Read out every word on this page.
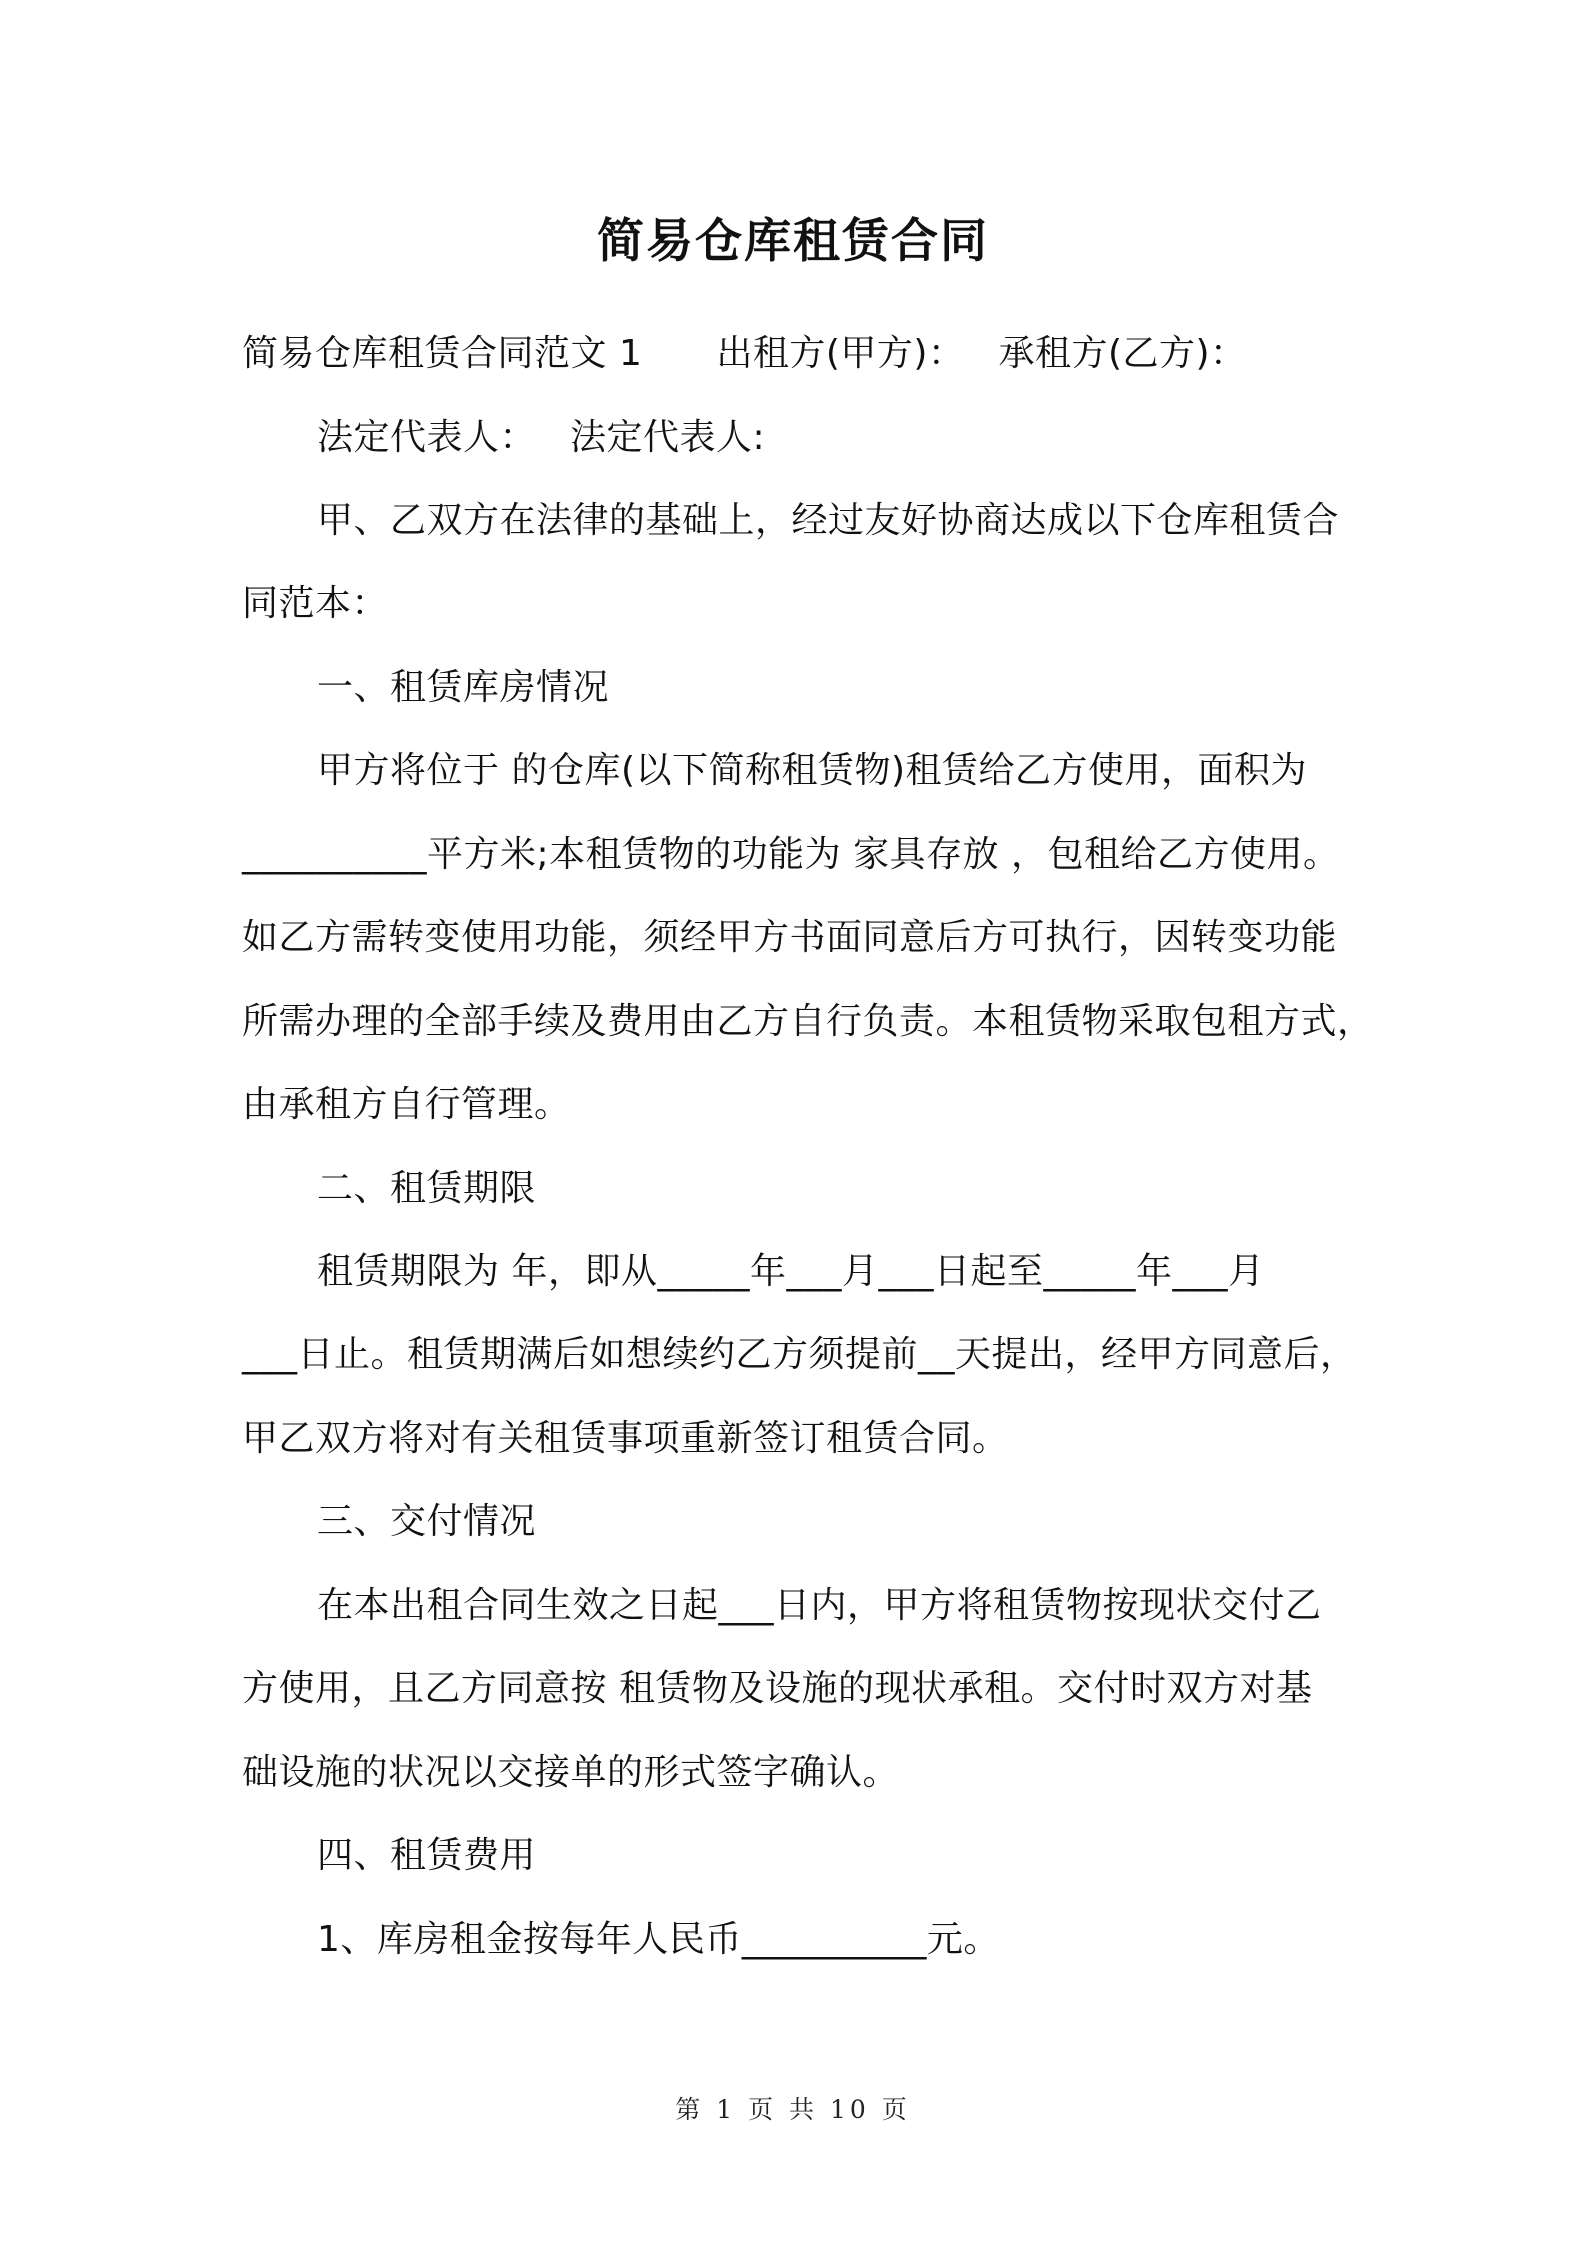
简易仓库租赁合同
简易仓库租赁合同范文 1 出租方(甲方)： 承租方(乙方)：
法定代表人： 法定代表人:
甲、乙双方在法律的基础上，经过友好协商达成以下仓库租赁合
同范本：
一、租赁库房情况
甲方将位于 的仓库(以下简称租赁物)租赁给乙方使用，面积为
__________平方米;本租赁物的功能为 家具存放 ，包租给乙方使用。
如乙方需转变使用功能，须经甲方书面同意后方可执行，因转变功能
所需办理的全部手续及费用由乙方自行负责。本租赁物采取包租方式，
由承租方自行管理。
二、租赁期限
租赁期限为 年，即从_____年___月___日起至_____年___月
___日止。租赁期满后如想续约乙方须提前__天提出，经甲方同意后，
甲乙双方将对有关租赁事项重新签订租赁合同。
三、交付情况
在本出租合同生效之日起___日内，甲方将租赁物按现状交付乙
方使用，且乙方同意按 租赁物及设施的现状承租。交付时双方对基
础设施的状况以交接单的形式签字确认。
四、租赁费用
1、库房租金按每年人民币__________元。
第 1 页 共 10 页
